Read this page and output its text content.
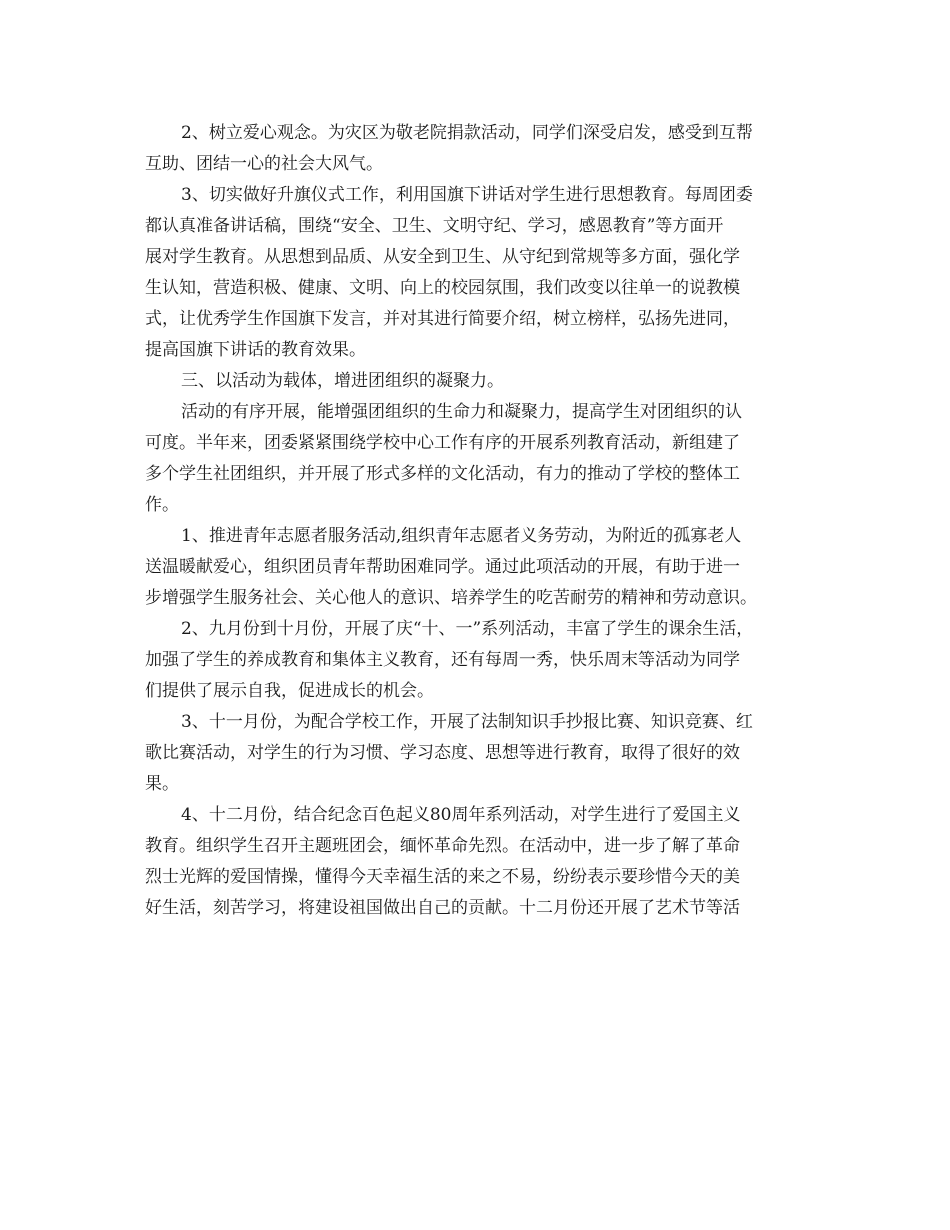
2、树立爱心观念。为灾区为敬老院捐款活动，同学们深受启发，感受到互帮

互助、团结一心的社会大风气。

3、切实做好升旗仪式工作，利用国旗下讲话对学生进行思想教育。每周团委

都认真准备讲话稿，围绕“安全、卫生、文明守纪、学习，感恩教育”等方面开

展对学生教育。从思想到品质、从安全到卫生、从守纪到常规等多方面，强化学

生认知，营造积极、健康、文明、向上的校园氛围，我们改变以往单一的说教模

式，让优秀学生作国旗下发言，并对其进行简要介绍，树立榜样，弘扬先进同，

提高国旗下讲话的教育效果。

三、以活动为载体，增进团组织的凝聚力。

活动的有序开展，能增强团组织的生命力和凝聚力，提高学生对团组织的认

可度。半年来，团委紧紧围绕学校中心工作有序的开展系列教育活动，新组建了

多个学生社团组织，并开展了形式多样的文化活动，有力的推动了学校的整体工

作。

1、推进青年志愿者服务活动,组织青年志愿者义务劳动，为附近的孤寡老人

送温暖献爱心，组织团员青年帮助困难同学。通过此项活动的开展，有助于进一

步增强学生服务社会、关心他人的意识、培养学生的吃苦耐劳的精神和劳动意识。

2、九月份到十月份，开展了庆“十、一”系列活动，丰富了学生的课余生活，

加强了学生的养成教育和集体主义教育，还有每周一秀，快乐周末等活动为同学

们提供了展示自我，促进成长的机会。

3、十一月份，为配合学校工作，开展了法制知识手抄报比赛、知识竞赛、红

歌比赛活动，对学生的行为习惯、学习态度、思想等进行教育，取得了很好的效

果。

4、十二月份，结合纪念百色起义80周年系列活动，对学生进行了爱国主义

教育。组织学生召开主题班团会，缅怀革命先烈。在活动中，进一步了解了革命

烈士光辉的爱国情操，懂得今天幸福生活的来之不易，纷纷表示要珍惜今天的美

好生活，刻苦学习，将建设祖国做出自己的贡献。十二月份还开展了艺术节等活
